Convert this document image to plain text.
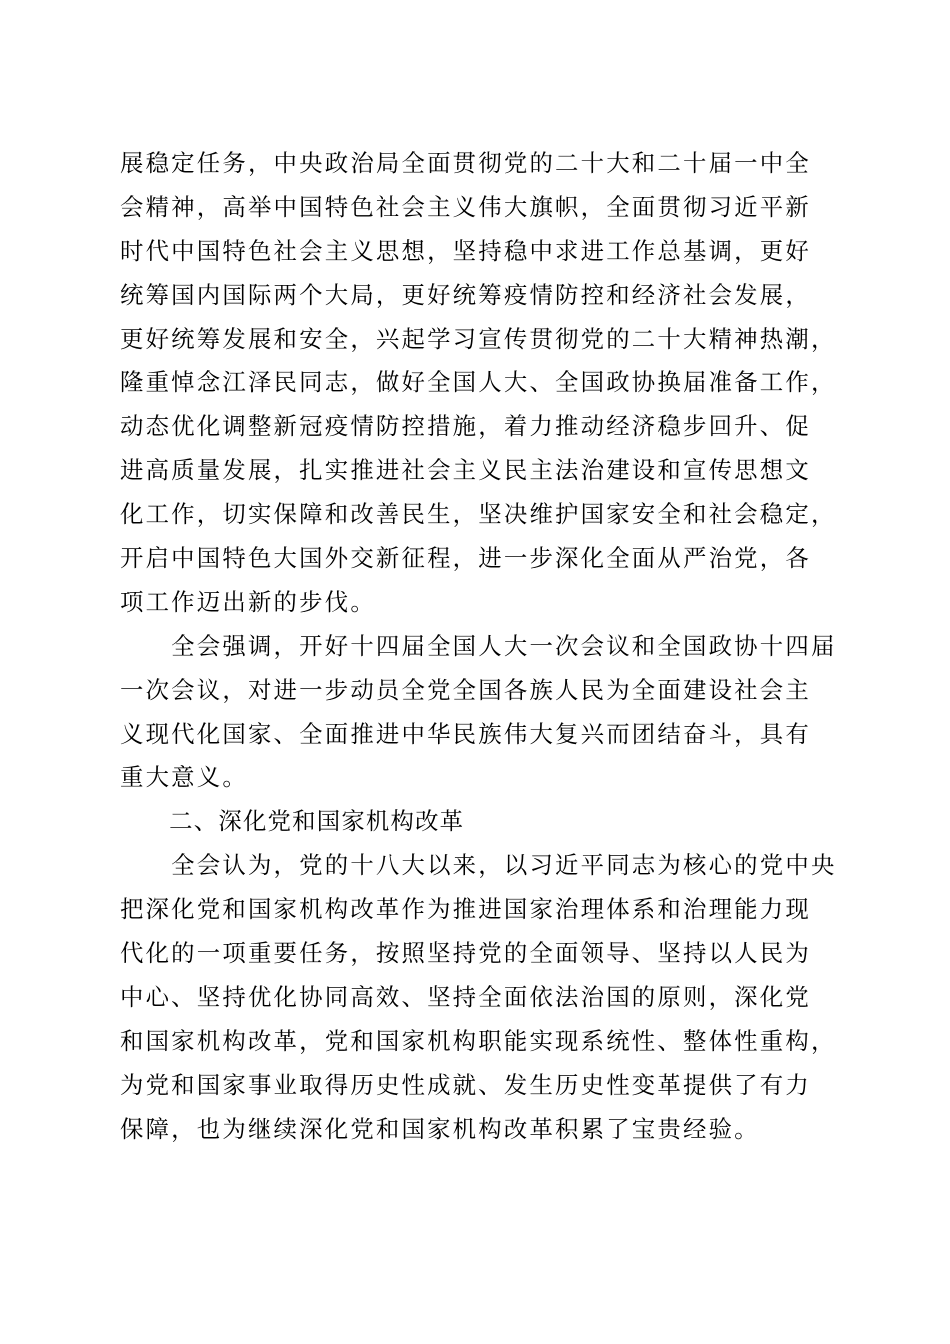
展稳定任务，中央政治局全面贯彻党的二十大和二十届一中全
会精神，高举中国特色社会主义伟大旗帜，全面贯彻习近平新
时代中国特色社会主义思想，坚持稳中求进工作总基调，更好
统筹国内国际两个大局，更好统筹疫情防控和经济社会发展，
更好统筹发展和安全，兴起学习宣传贯彻党的二十大精神热潮，
隆重悼念江泽民同志，做好全国人大、全国政协换届准备工作，
动态优化调整新冠疫情防控措施，着力推动经济稳步回升、促
进高质量发展，扎实推进社会主义民主法治建设和宣传思想文
化工作，切实保障和改善民生，坚决维护国家安全和社会稳定，
开启中国特色大国外交新征程，进一步深化全面从严治党，各
项工作迈出新的步伐。
　　全会强调，开好十四届全国人大一次会议和全国政协十四届
一次会议，对进一步动员全党全国各族人民为全面建设社会主
义现代化国家、全面推进中华民族伟大复兴而团结奋斗，具有
重大意义。
　　二、深化党和国家机构改革
　　全会认为，党的十八大以来，以习近平同志为核心的党中央
把深化党和国家机构改革作为推进国家治理体系和治理能力现
代化的一项重要任务，按照坚持党的全面领导、坚持以人民为
中心、坚持优化协同高效、坚持全面依法治国的原则，深化党
和国家机构改革，党和国家机构职能实现系统性、整体性重构，
为党和国家事业取得历史性成就、发生历史性变革提供了有力
保障，也为继续深化党和国家机构改革积累了宝贵经验。
